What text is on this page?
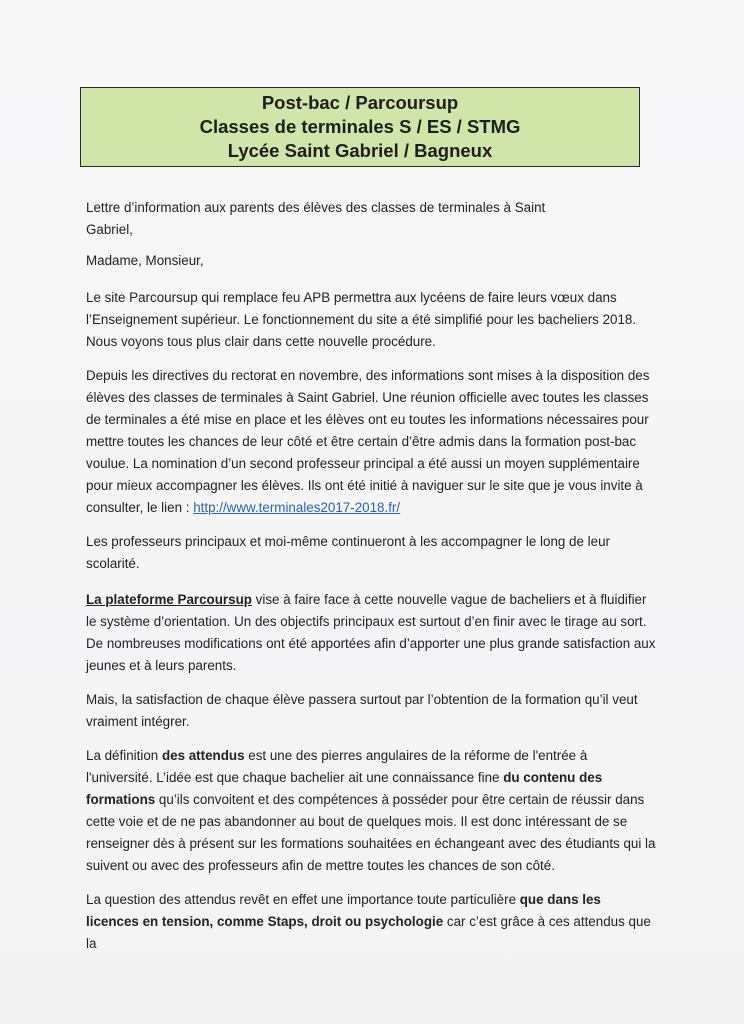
Post-bac / Parcoursup
Classes de terminales S / ES / STMG
Lycée Saint Gabriel / Bagneux

Lettre d’information aux parents des élèves des classes de terminales à Saint Gabriel,

Madame, Monsieur,

Le site Parcoursup qui remplace feu APB permettra aux lycéens de faire leurs vœux dans l’Enseignement supérieur. Le fonctionnement du site a été simplifié pour les bacheliers 2018. Nous voyons tous plus clair dans cette nouvelle procédure.

Depuis les directives du rectorat en novembre, des informations sont mises à la disposition des élèves des classes de terminales à Saint Gabriel. Une réunion officielle avec toutes les classes de terminales a été mise en place et les élèves ont eu toutes les informations nécessaires pour mettre toutes les chances de leur côté et être certain d’être admis dans la formation post-bac voulue. La nomination d’un second professeur principal a été aussi un moyen supplémentaire pour mieux accompagner les élèves. Ils ont été initié à naviguer sur le site que je vous invite à consulter, le lien : http://www.terminales2017-2018.fr/

Les professeurs principaux et moi-même continueront à les accompagner le long de leur scolarité.

La plateforme Parcoursup vise à faire face à cette nouvelle vague de bacheliers et à fluidifier le système d’orientation. Un des objectifs principaux est surtout d’en finir avec le tirage au sort. De nombreuses modifications ont été apportées afin d’apporter une plus grande satisfaction aux jeunes et à leurs parents.

Mais, la satisfaction de chaque élève passera surtout par l’obtention de la formation qu’il veut vraiment intégrer.

La définition des attendus est une des pierres angulaires de la réforme de l'entrée à l'université. L’idée est que chaque bachelier ait une connaissance fine du contenu des formations qu’ils convoitent et des compétences à posséder pour être certain de réussir dans cette voie et de ne pas abandonner au bout de quelques mois. Il est donc intéressant de se renseigner dès à présent sur les formations souhaitées en échangeant avec des étudiants qui la suivent ou avec des professeurs afin de mettre toutes les chances de son côté.

La question des attendus revêt en effet une importance toute particulière que dans les licences en tension, comme Staps, droit ou psychologie car c’est grâce à ces attendus que la
